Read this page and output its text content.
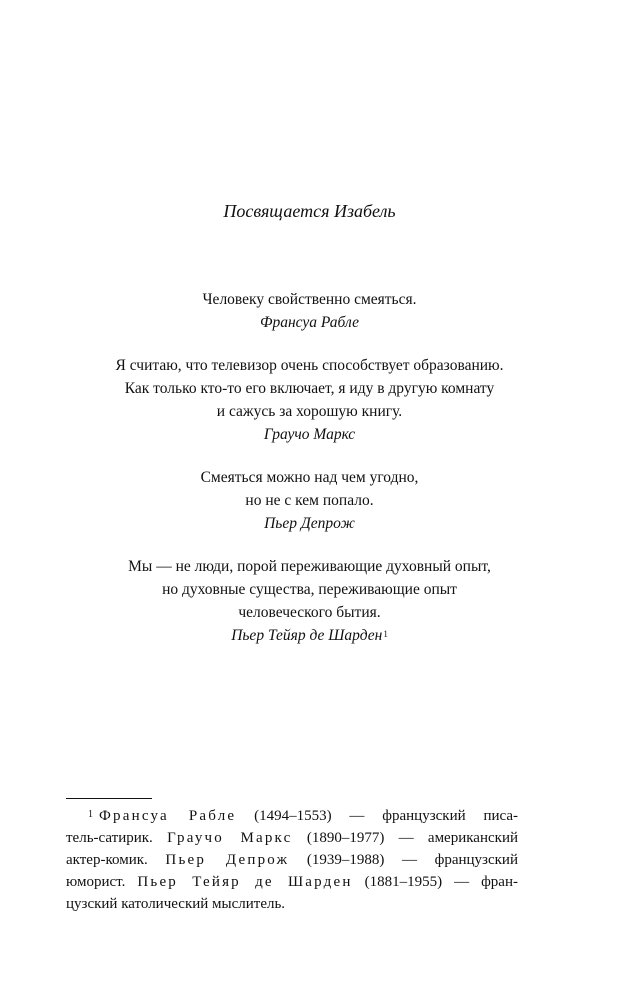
Посвящается Изабель
Человеку свойственно смеяться.
Франсуа Рабле
Я считаю, что телевизор очень способствует образованию.
Как только кто-то его включает, я иду в другую комнату
и сажусь за хорошую книгу.
Граучо Маркс
Смеяться можно над чем угодно,
но не с кем попало.
Пьер Депрож
Мы — не люди, порой переживающие духовный опыт,
но духовные существа, переживающие опыт
человеческого бытия.
Пьер Тейяр де Шарден$^1$
$^1$ Франсуа Рабле (1494–1553) — французский писа-
тель-сатирик. Граучо Маркс (1890–1977) — американский
актер-комик. Пьер Депрож (1939–1988) — французский
юморист. Пьер Тейяр де Шарден (1881–1955) — фран-
цузский католический мыслитель.
